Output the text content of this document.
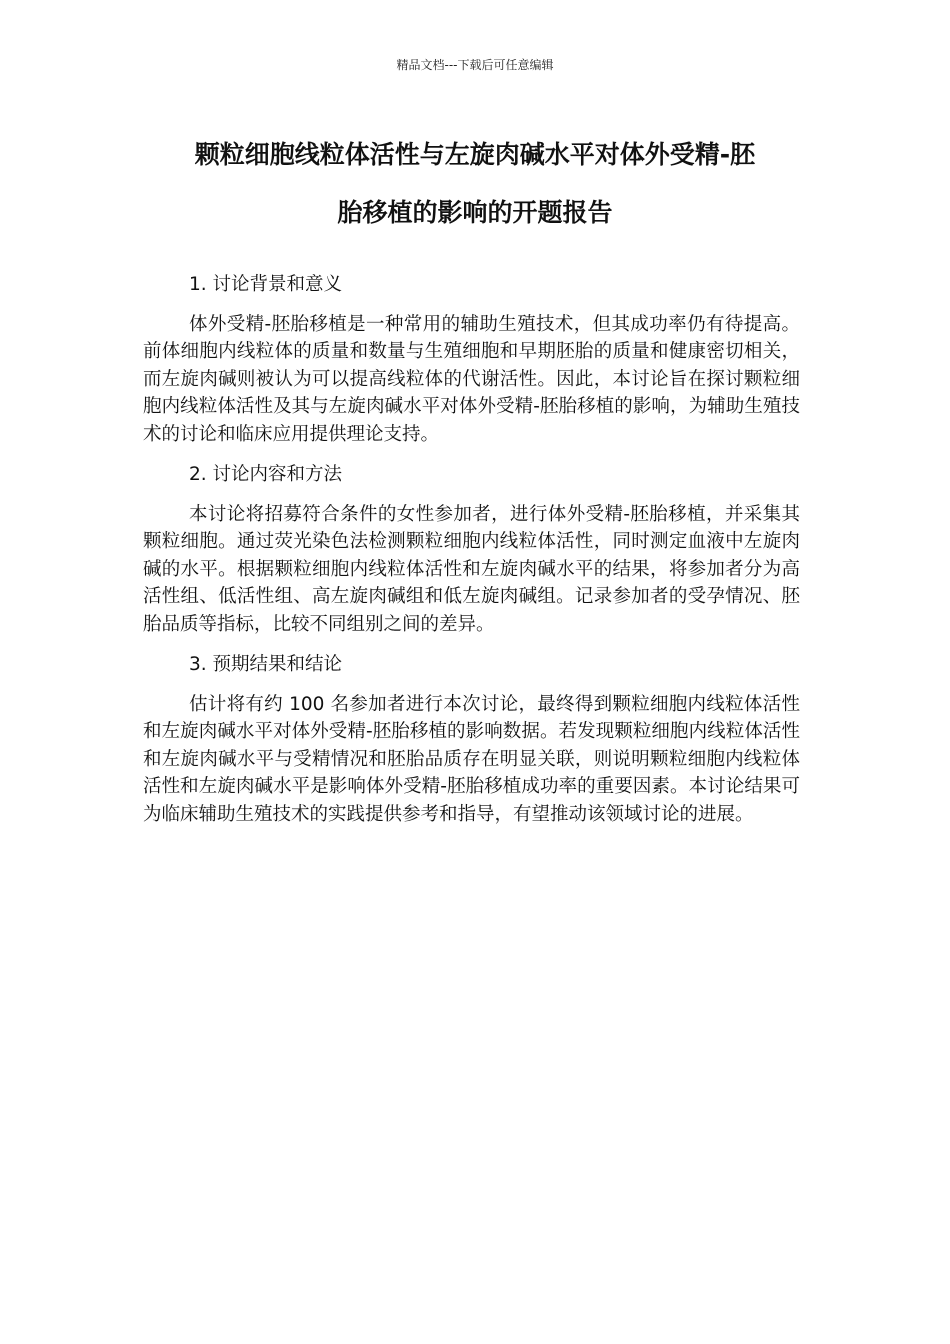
精品文档---下载后可任意编辑
颗粒细胞线粒体活性与左旋肉碱水平对体外受精-胚
胎移植的影响的开题报告

1. 讨论背景和意义

体外受精-胚胎移植是一种常用的辅助生殖技术，但其成功率仍有待提高。前体细胞内线粒体的质量和数量与生殖细胞和早期胚胎的质量和健康密切相关，而左旋肉碱则被认为可以提高线粒体的代谢活性。因此，本讨论旨在探讨颗粒细胞内线粒体活性及其与左旋肉碱水平对体外受精-胚胎移植的影响，为辅助生殖技术的讨论和临床应用提供理论支持。

2. 讨论内容和方法

本讨论将招募符合条件的女性参加者，进行体外受精-胚胎移植，并采集其颗粒细胞。通过荧光染色法检测颗粒细胞内线粒体活性，同时测定血液中左旋肉碱的水平。根据颗粒细胞内线粒体活性和左旋肉碱水平的结果，将参加者分为高活性组、低活性组、高左旋肉碱组和低左旋肉碱组。记录参加者的受孕情况、胚胎品质等指标，比较不同组别之间的差异。

3. 预期结果和结论

估计将有约 100 名参加者进行本次讨论，最终得到颗粒细胞内线粒体活性和左旋肉碱水平对体外受精-胚胎移植的影响数据。若发现颗粒细胞内线粒体活性和左旋肉碱水平与受精情况和胚胎品质存在明显关联，则说明颗粒细胞内线粒体活性和左旋肉碱水平是影响体外受精-胚胎移植成功率的重要因素。本讨论结果可为临床辅助生殖技术的实践提供参考和指导，有望推动该领域讨论的进展。
